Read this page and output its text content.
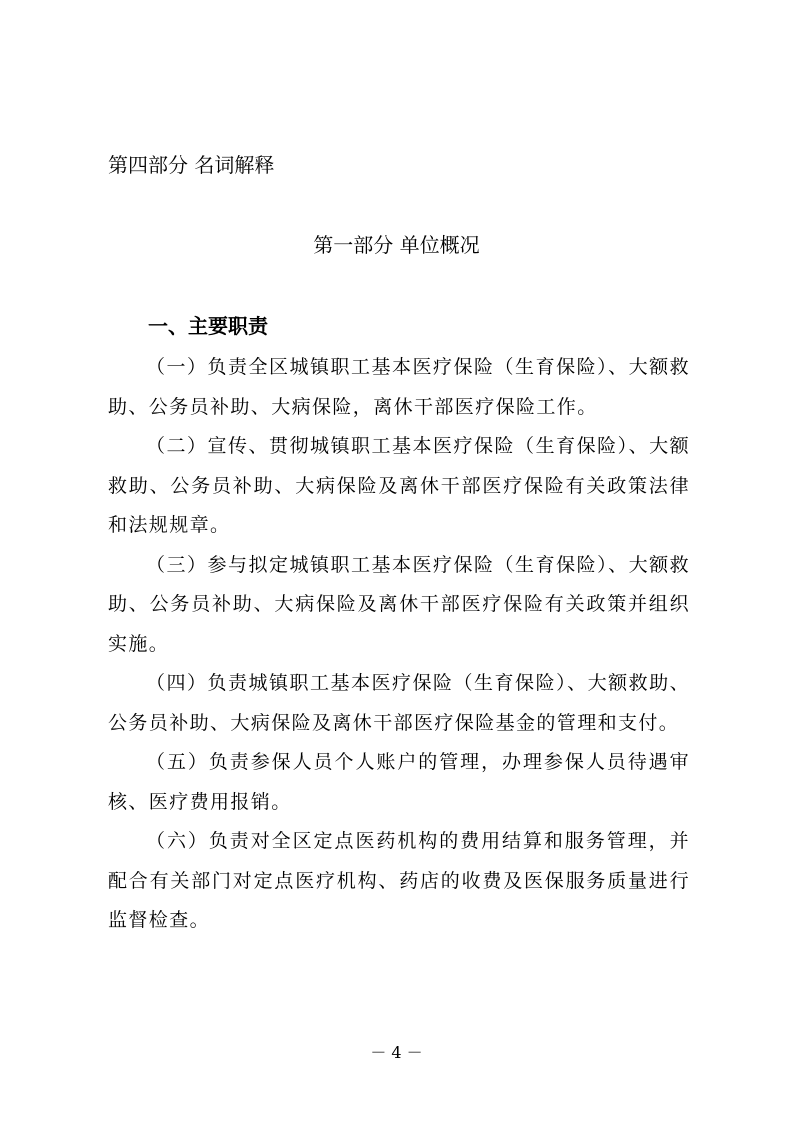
第四部分 名词解释
第一部分 单位概况
一、主要职责

（一）负责全区城镇职工基本医疗保险（生育保险）、大额救助、公务员补助、大病保险，离休干部医疗保险工作。

（二）宣传、贯彻城镇职工基本医疗保险（生育保险）、大额救助、公务员补助、大病保险及离休干部医疗保险有关政策法律和法规规章。

（三）参与拟定城镇职工基本医疗保险（生育保险）、大额救助、公务员补助、大病保险及离休干部医疗保险有关政策并组织实施。

（四）负责城镇职工基本医疗保险（生育保险）、大额救助、公务员补助、大病保险及离休干部医疗保险基金的管理和支付。

（五）负责参保人员个人账户的管理，办理参保人员待遇审核、医疗费用报销。

（六）负责对全区定点医药机构的费用结算和服务管理，并配合有关部门对定点医疗机构、药店的收费及医保服务质量进行监督检查。

－ 4 －
